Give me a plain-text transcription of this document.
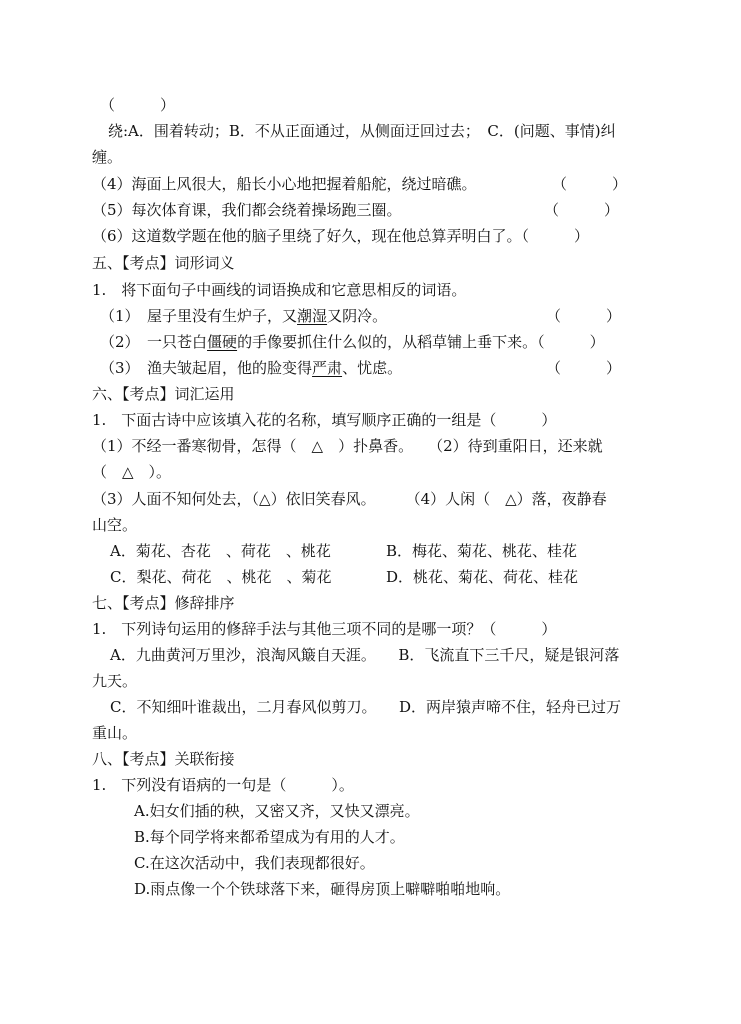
（　　　）
绕:A．围着转动；B．不从正面通过，从侧面迂回过去；　C．(问题、事情)纠
缠。
（4）海面上风很大，船长小心地把握着船舵，绕过暗礁。	（　　　）
（5）每次体育课，我们都会绕着操场跑三圈。	（　　　）
（6）这道数学题在他的脑子里绕了好久，现在他总算弄明白了。（　　　）
五、【考点】词形词义
1.　将下面句子中画线的词语换成和它意思相反的词语。
（1）　屋子里没有生炉子，又潮湿又阴冷。	（　　　）
（2）　一只苍白僵硬的手像要抓住什么似的，从稻草铺上垂下来。（　　　）
（3）　渔夫皱起眉，他的脸变得严肃、忧虑。	（　　　）
六、【考点】词汇运用
1.　下面古诗中应该填入花的名称，填写顺序正确的一组是（　　　）
（1）不经一番寒彻骨，怎得（　△　）扑鼻香。　　（2）待到重阳日，还来就
（　△　）。
（3）人面不知何处去，（△）依旧笑春风。　　　（4）人闲（　△）落，夜静春
山空。
A．菊花、杏花　、荷花　、桃花	B．梅花、菊花、桃花、桂花
C．梨花、荷花　、桃花　、菊花	D．桃花、菊花、荷花、桂花
七、【考点】修辞排序
1.　下列诗句运用的修辞手法与其他三项不同的是哪一项？（　　　）
A．九曲黄河万里沙，浪淘风簸自天涯。　　B．飞流直下三千尺，疑是银河落
九天。
C．不知细叶谁裁出，二月春风似剪刀。　　D．两岸猿声啼不住，轻舟已过万
重山。
八、【考点】关联衔接
1.　下列没有语病的一句是（　　　）。
A.妇女们插的秧，又密又齐，又快又漂亮。
B.每个同学将来都希望成为有用的人才。
C.在这次活动中，我们表现都很好。
D.雨点像一个个铁球落下来，砸得房顶上噼噼啪啪地响。
